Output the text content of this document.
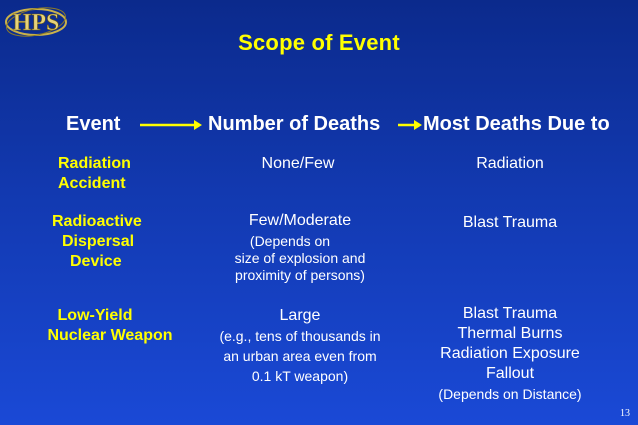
HPS
Scope of Event
Event	Number of Deaths Most Deaths Due to
Radiation
Accident
None/Few	Radiation
Radioactive
Dispersal
Device
Few/Moderate
(Depends on
size of explosion and
proximity of persons)
Blast Trauma
Low-Yield
Nuclear Weapon
Large
(e.g., tens of thousands in
an urban area even from
0.1 kT weapon)
Blast Trauma
Thermal Burns
Radiation Exposure
Fallout
(Depends on Distance)
13
